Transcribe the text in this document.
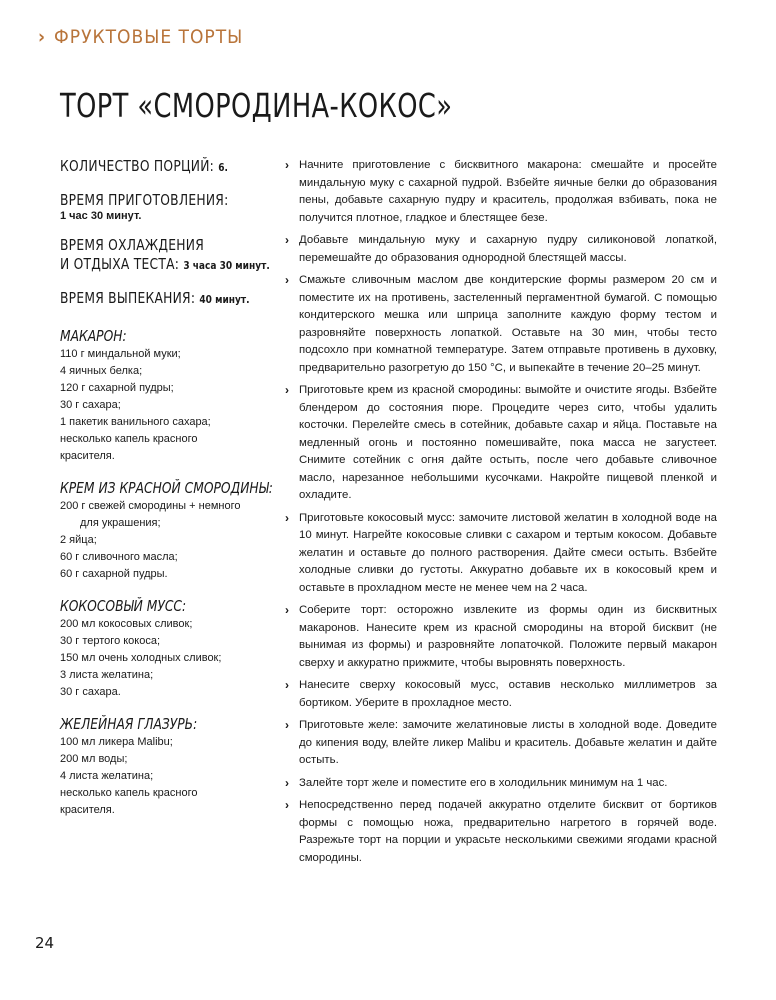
› ФРУКТОВЫЕ ТОРТЫ
ТОРТ «СМОРОДИНА-КОКОС»
КОЛИЧЕСТВО ПОРЦИЙ: 6.
ВРЕМЯ ПРИГОТОВЛЕНИЯ:
1 час 30 минут.
ВРЕМЯ ОХЛАЖДЕНИЯ
И ОТДЫХА ТЕСТА: 3 часа 30 минут.
ВРЕМЯ ВЫПЕКАНИЯ: 40 минут.
МАКАРОН:
110 г миндальной муки;
4 яичных белка;
120 г сахарной пудры;
30 г сахара;
1 пакетик ванильного сахара;
несколько капель красного
красителя.
КРЕМ ИЗ КРАСНОЙ СМОРОДИНЫ:
200 г свежей смородины + немного
для украшения;
2 яйца;
60 г сливочного масла;
60 г сахарной пудры.
КОКОСОВЫЙ МУСС:
200 мл кокосовых сливок;
30 г тертого кокоса;
150 мл очень холодных сливок;
3 листа желатина;
30 г сахара.
ЖЕЛЕЙНАЯ ГЛАЗУРЬ:
100 мл ликера Malibu;
200 мл воды;
4 листа желатина;
несколько капель красного
красителя.
› Начните приготовление с бисквитного макарона: смешайте и просейте миндальную муку с сахарной пудрой. Взбейте яичные белки до образования пены, добавьте сахарную пудру и краситель, продолжая взбивать, пока не получится плотное, гладкое и блестящее безе.
› Добавьте миндальную муку и сахарную пудру силиконовой лопаткой, перемешайте до образования однородной блестящей массы.
› Смажьте сливочным маслом две кондитерские формы размером 20 см и поместите их на противень, застеленный пергаментной бумагой. С помощью кондитерского мешка или шприца заполните каждую форму тестом и разровняйте поверхность лопаткой. Оставьте на 30 мин, чтобы тесто подсохло при комнатной температуре. Затем отправьте противень в духовку, предварительно разогретую до 150 °С, и выпекайте в течение 20–25 минут.
› Приготовьте крем из красной смородины: вымойте и очистите ягоды. Взбейте блендером до состояния пюре. Процедите через сито, чтобы удалить косточки. Перелейте смесь в сотейник, добавьте сахар и яйца. Поставьте на медленный огонь и постоянно помешивайте, пока масса не загустеет. Снимите сотейник с огня дайте остыть, после чего добавьте сливочное масло, нарезанное небольшими кусочками. Накройте пищевой пленкой и охладите.
› Приготовьте кокосовый мусс: замочите листовой желатин в холодной воде на 10 минут. Нагрейте кокосовые сливки с сахаром и тертым кокосом. Добавьте желатин и оставьте до полного растворения. Дайте смеси остыть. Взбейте холодные сливки до густоты. Аккуратно добавьте их в кокосовый крем и оставьте в прохладном месте не менее чем на 2 часа.
› Соберите торт: осторожно извлеките из формы один из бисквитных макаронов. Нанесите крем из красной смородины на второй бисквит (не вынимая из формы) и разровняйте лопаточкой. Положите первый макарон сверху и аккуратно прижмите, чтобы выровнять поверхность.
› Нанесите сверху кокосовый мусс, оставив несколько миллиметров за бортиком. Уберите в прохладное место.
› Приготовьте желе: замочите желатиновые листы в холодной воде. Доведите до кипения воду, влейте ликер Malibu и краситель. Добавьте желатин и дайте остыть.
› Залейте торт желе и поместите его в холодильник минимум на 1 час.
› Непосредственно перед подачей аккуратно отделите бисквит от бортиков формы с помощью ножа, предварительно нагретого в горячей воде. Разрежьте торт на порции и украсьте несколькими свежими ягодами красной смородины.
24
